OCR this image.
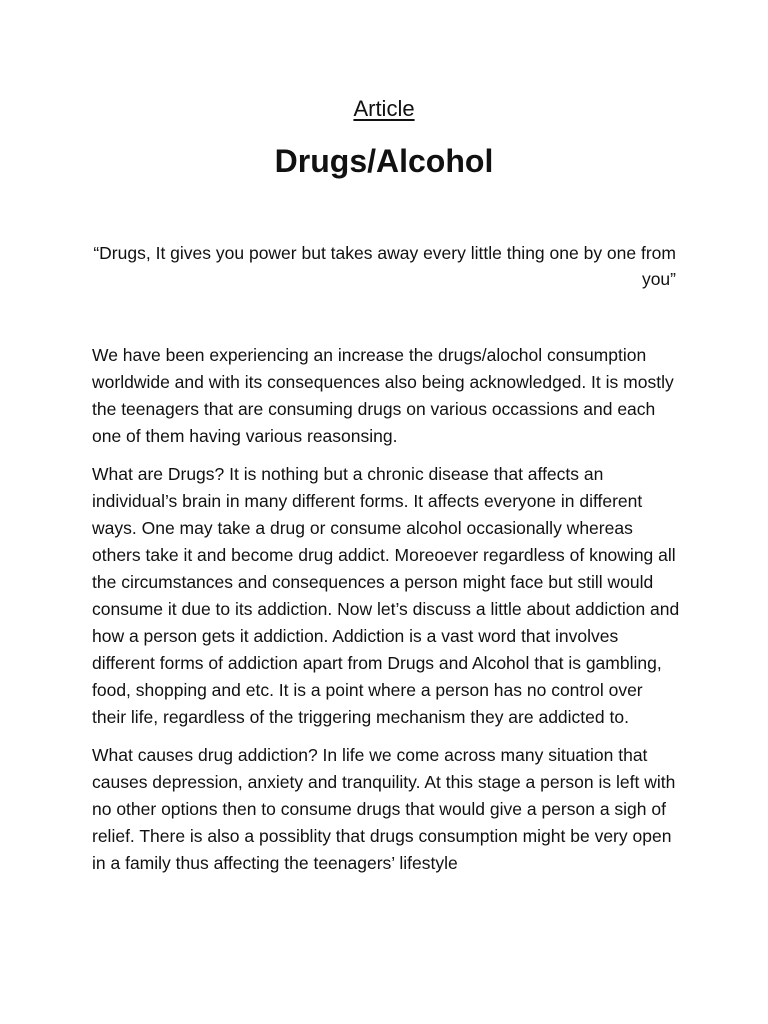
Article
Drugs/Alcohol
“Drugs, It gives you power but takes away every little thing one by one from you”

We have been experiencing an increase the drugs/alochol consumption worldwide and with its consequences also being acknowledged. It is mostly the teenagers that are consuming drugs on various occassions and each one of them having various reasonsing.

What are Drugs? It is nothing but a chronic disease that affects an individual’s brain in many different forms. It affects everyone in different ways. One may take a drug or consume alcohol occasionally whereas others take it and become drug addict. Moreoever regardless of knowing all the circumstances and consequences a person might face but still would consume it due to its addiction. Now let’s discuss a little about addiction and how a person gets it addiction. Addiction is a vast word that involves different forms of addiction apart from Drugs and Alcohol that is gambling, food, shopping and etc. It is a point where a person has no control over their life, regardless of the triggering mechanism they are addicted to.

What causes drug addiction? In life we come across many situation that causes depression, anxiety and tranquility. At this stage a person is left with no other options then to consume drugs that would give a person a sigh of relief. There is also a possiblity that drugs consumption might be very open in a family thus affecting the teenagers’ lifestyle
